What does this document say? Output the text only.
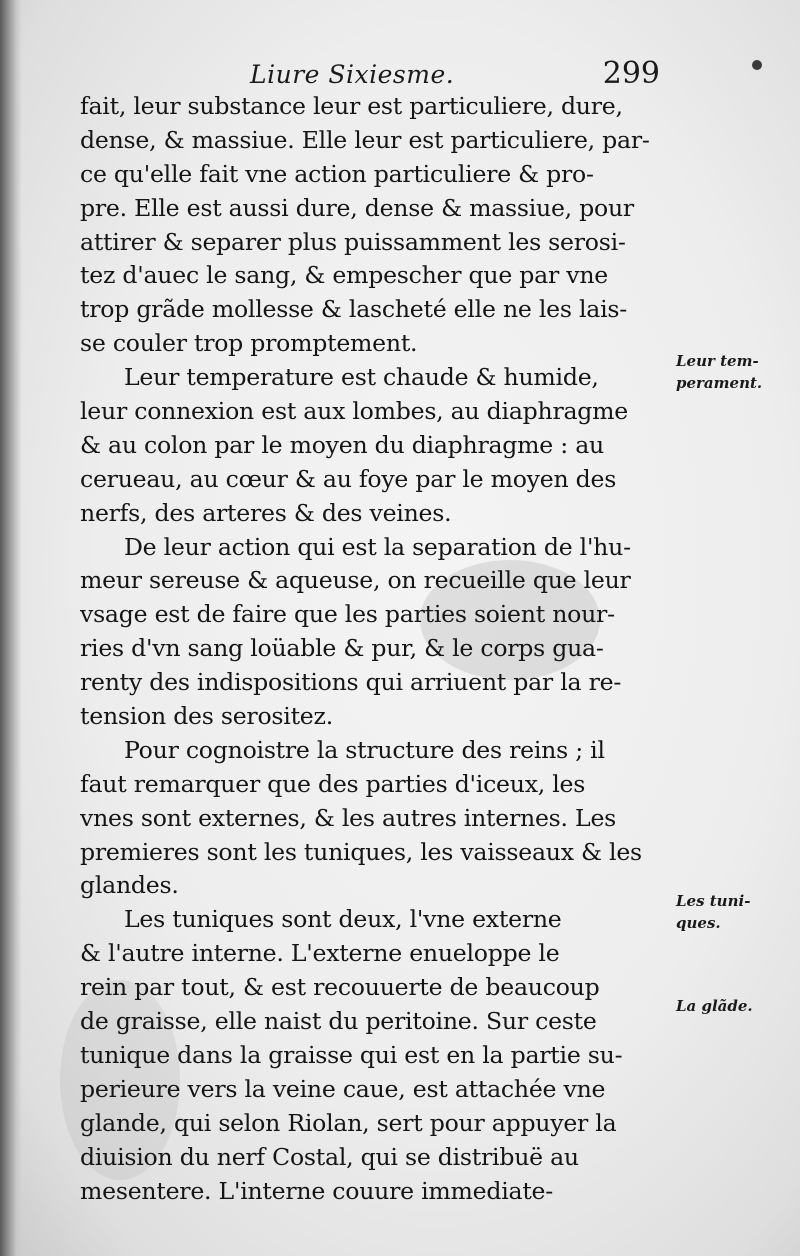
Liure Sixiesme.	299
fait, leur substance leur est particuliere, dure,
dense, & massiue. Elle leur est particuliere, par-
ce qu'elle fait vne action particuliere & pro-
pre. Elle est aussi dure, dense & massiue, pour
attirer & separer plus puissamment les serosi-
tez d'auec le sang, & empescher que par vne
trop grãde mollesse & lascheté elle ne les lais-
se couler trop promptement.
Leur temperature est chaude & humide,
leur connexion est aux lombes, au diaphragme
& au colon par le moyen du diaphragme : au
cerueau, au cœur & au foye par le moyen des
nerfs, des arteres & des veines.
De leur action qui est la separation de l'hu-
meur sereuse & aqueuse, on recueille que leur
vsage est de faire que les parties soient nour-
ries d'vn sang loüable & pur, & le corps gua-
renty des indispositions qui arriuent par la re-
tension des serositez.
Pour cognoistre la structure des reins ; il
faut remarquer que des parties d'iceux, les
vnes sont externes, & les autres internes. Les
premieres sont les tuniques, les vaisseaux & les
glandes.
Les tuniques sont deux, l'vne externe
& l'autre interne. L'externe enueloppe le
rein par tout, & est recouuerte de beaucoup
de graisse, elle naist du peritoine. Sur ceste
tunique dans la graisse qui est en la partie su-
perieure vers la veine caue, est attachée vne
glande, qui selon Riolan, sert pour appuyer la
diuision du nerf Costal, qui se distribuë au
mesentere. L'interne couure immediate-
Leur tem-
perament.
Les tuni-
ques.
La glãde.
